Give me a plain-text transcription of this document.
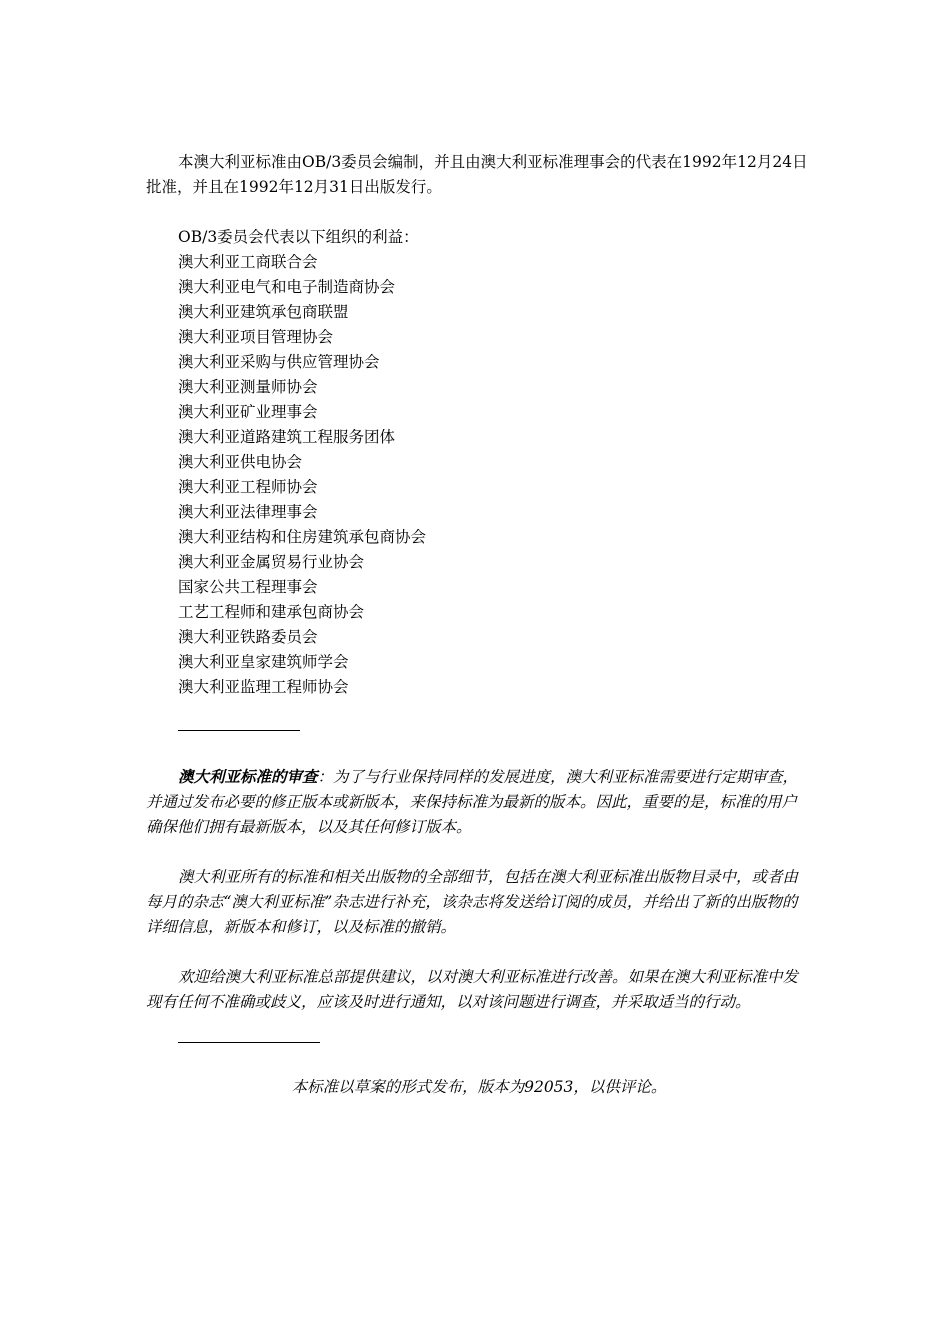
本澳大利亚标准由OB/3委员会编制，并且由澳大利亚标准理事会的代表在1992年12月24日批准，并且在1992年12月31日出版发行。

OB/3委员会代表以下组织的利益：

澳大利亚工商联合会
澳大利亚电气和电子制造商协会
澳大利亚建筑承包商联盟
澳大利亚项目管理协会
澳大利亚采购与供应管理协会
澳大利亚测量师协会
澳大利亚矿业理事会
澳大利亚道路建筑工程服务团体
澳大利亚供电协会
澳大利亚工程师协会
澳大利亚法律理事会
澳大利亚结构和住房建筑承包商协会
澳大利亚金属贸易行业协会
国家公共工程理事会
工艺工程师和建承包商协会
澳大利亚铁路委员会
澳大利亚皇家建筑师学会
澳大利亚监理工程师协会

澳大利亚标准的审查：为了与行业保持同样的发展进度，澳大利亚标准需要进行定期审查，并通过发布必要的修正版本或新版本，来保持标准为最新的版本。因此，重要的是，标准的用户确保他们拥有最新版本，以及其任何修订版本。

澳大利亚所有的标准和相关出版物的全部细节，包括在澳大利亚标准出版物目录中，或者由每月的杂志“澳大利亚标准”杂志进行补充，该杂志将发送给订阅的成员，并给出了新的出版物的详细信息，新版本和修订，以及标准的撤销。

欢迎给澳大利亚标准总部提供建议，以对澳大利亚标准进行改善。如果在澳大利亚标准中发现有任何不准确或歧义，应该及时进行通知，以对该问题进行调查，并采取适当的行动。

本标准以草案的形式发布，版本为92053，以供评论。
